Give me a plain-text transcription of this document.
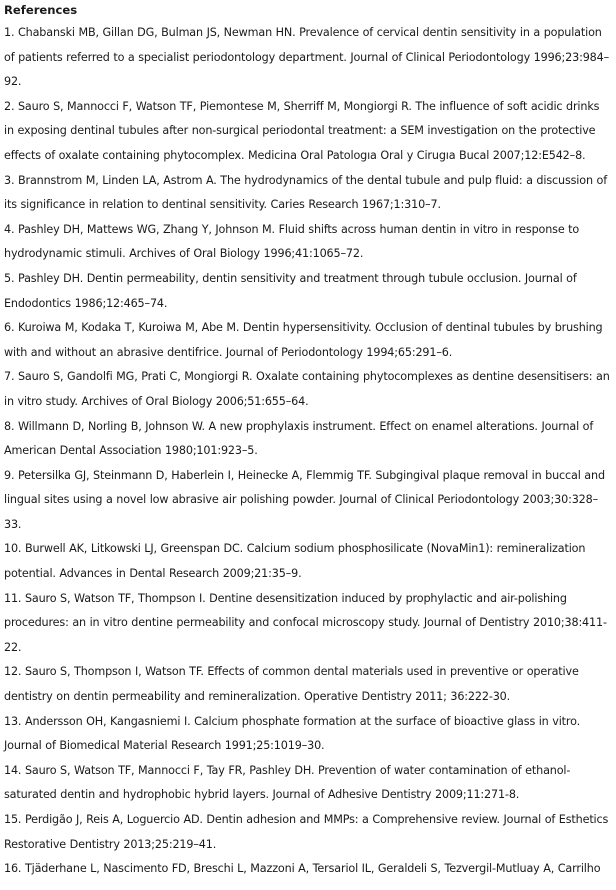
References

1. Chabanski MB, Gillan DG, Bulman JS, Newman HN. Prevalence of cervical dentin sensitivity in a population of patients referred to a specialist periodontology department. Journal of Clinical Periodontology 1996;23:984–92.

2. Sauro S, Mannocci F, Watson TF, Piemontese M, Sherriff M, Mongiorgi R. The influence of soft acidic drinks in exposing dentinal tubules after non-surgical periodontal treatment: a SEM investigation on the protective effects of oxalate containing phytocomplex. Medicina Oral Patologıa Oral y Cirugıa Bucal 2007;12:E542–8.

3. Brannstrom M, Linden LA, Astrom A. The hydrodynamics of the dental tubule and pulp fluid: a discussion of its significance in relation to dentinal sensitivity. Caries Research 1967;1:310–7.

4. Pashley DH, Mattews WG, Zhang Y, Johnson M. Fluid shifts across human dentin in vitro in response to hydrodynamic stimuli. Archives of Oral Biology 1996;41:1065–72.

5. Pashley DH. Dentin permeability, dentin sensitivity and treatment through tubule occlusion. Journal of Endodontics 1986;12:465–74.

6. Kuroiwa M, Kodaka T, Kuroiwa M, Abe M. Dentin hypersensitivity. Occlusion of dentinal tubules by brushing with and without an abrasive dentifrice. Journal of Periodontology 1994;65:291–6.

7. Sauro S, Gandolfi MG, Prati C, Mongiorgi R. Oxalate containing phytocomplexes as dentine desensitisers: an in vitro study. Archives of Oral Biology 2006;51:655–64.

8. Willmann D, Norling B, Johnson W. A new prophylaxis instrument. Effect on enamel alterations. Journal of American Dental Association 1980;101:923–5.

9. Petersilka GJ, Steinmann D, Haberlein I, Heinecke A, Flemmig TF. Subgingival plaque removal in buccal and lingual sites using a novel low abrasive air polishing powder. Journal of Clinical Periodontology 2003;30:328–33.

10. Burwell AK, Litkowski LJ, Greenspan DC. Calcium sodium phosphosilicate (NovaMin1): remineralization potential. Advances in Dental Research 2009;21:35–9.

11. Sauro S, Watson TF, Thompson I. Dentine desensitization induced by prophylactic and air-polishing procedures: an in vitro dentine permeability and confocal microscopy study. Journal of Dentistry 2010;38:411-22.

12. Sauro S, Thompson I, Watson TF. Effects of common dental materials used in preventive or operative dentistry on dentin permeability and remineralization. Operative Dentistry 2011; 36:222-30.

13. Andersson OH, Kangasniemi I. Calcium phosphate formation at the surface of bioactive glass in vitro. Journal of Biomedical Material Research 1991;25:1019–30.

14. Sauro S, Watson TF, Mannocci F, Tay FR, Pashley DH. Prevention of water contamination of ethanol-saturated dentin and hydrophobic hybrid layers. Journal of Adhesive Dentistry 2009;11:271-8.

15. Perdigão J, Reis A, Loguercio AD. Dentin adhesion and MMPs: a Comprehensive review. Journal of Esthetics Restorative Dentistry 2013;25:219–41.

16. Tjäderhane L, Nascimento FD, Breschi L, Mazzoni A, Tersariol IL, Geraldeli S, Tezvergil-Mutluay A, Carrilho
